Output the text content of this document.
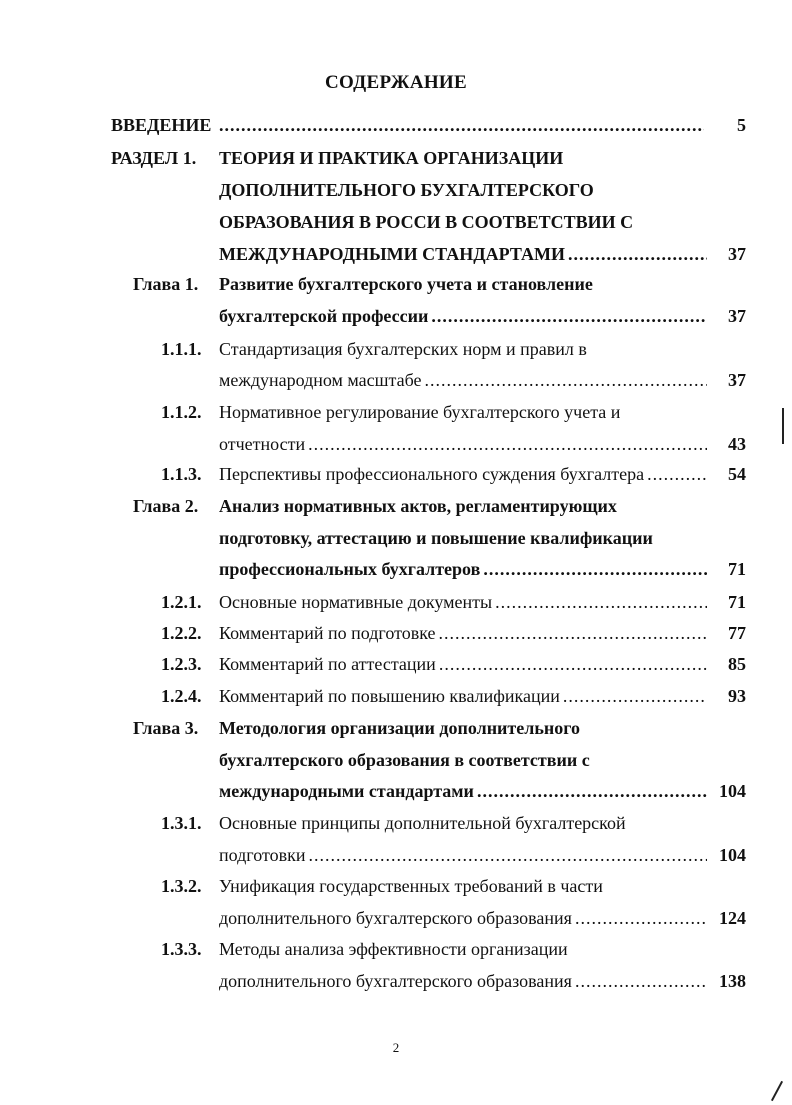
СОДЕРЖАНИЕ
ВВЕДЕНИЕ .....	5
РАЗДЕЛ 1. ТЕОРИЯ И ПРАКТИКА ОРГАНИЗАЦИИ
ДОПОЛНИТЕЛЬНОГО БУХГАЛТЕРСКОГО
ОБРАЗОВАНИЯ В РОССИ В СООТВЕТСТВИИ С
МЕЖДУНАРОДНЫМИ СТАНДАРТАМИ .....	37
Глава 1. Развитие бухгалтерского учета и становление
бухгалтерской профессии .....	37
1.1.1. Стандартизация бухгалтерских норм и правил в
международном масштабе .....	37
1.1.2. Нормативное регулирование бухгалтерского учета и
отчетности .....	43
1.1.3. Перспективы профессионального суждения бухгалтера .....	54
Глава 2. Анализ нормативных актов, регламентирующих
подготовку, аттестацию и повышение квалификации
профессиональных бухгалтеров .....	71
1.2.1. Основные нормативные документы .....	71
1.2.2. Комментарий по подготовке .....	77
1.2.3. Комментарий по аттестации .....	85
1.2.4. Комментарий по повышению квалификации .....	93
Глава 3. Методология организации дополнительного
бухгалтерского образования в соответствии с
международными стандартами .....	104
1.3.1. Основные принципы дополнительной бухгалтерской
подготовки .....	104
1.3.2. Унификация государственных требований в части
дополнительного бухгалтерского образования .....	124
1.3.3. Методы анализа эффективности организации
дополнительного бухгалтерского образования .....	138
2
